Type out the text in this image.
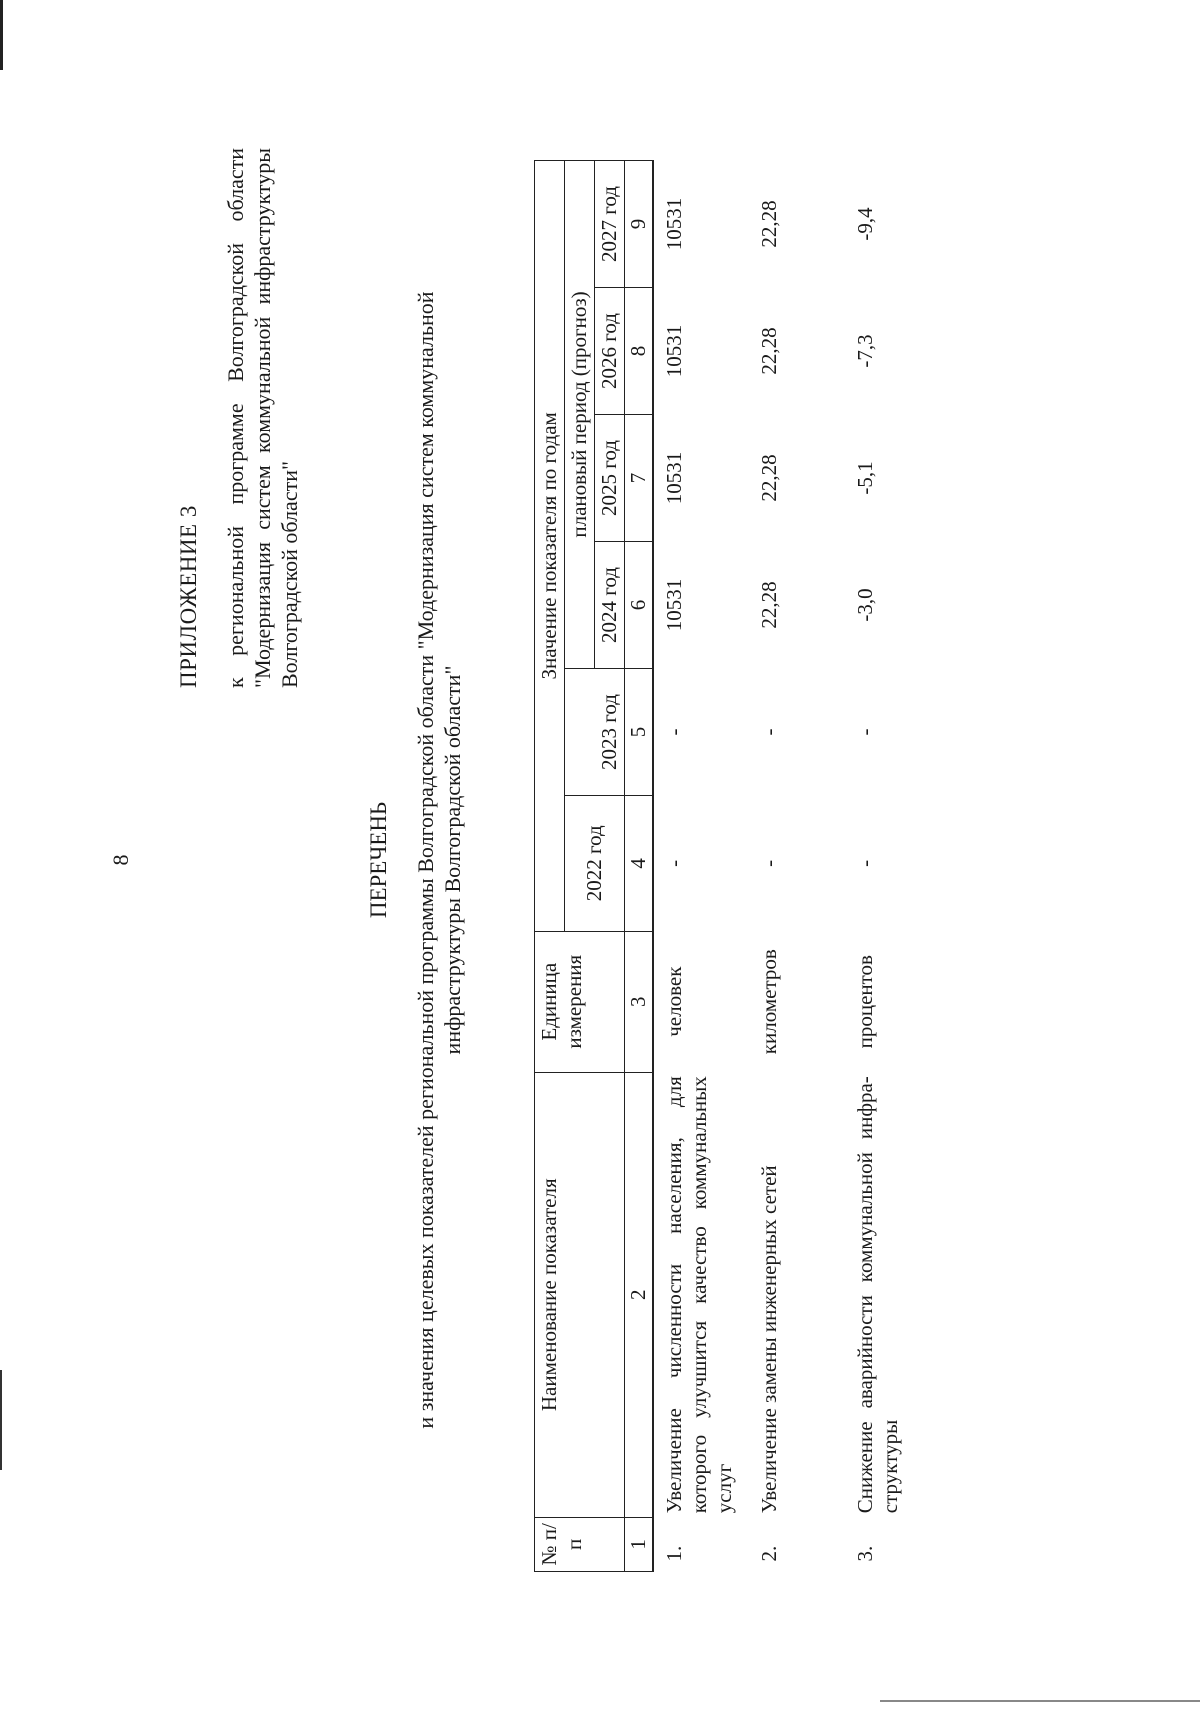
8
ПРИЛОЖЕНИЕ 3 к региональной программе Волгоградской области "Модернизация систем коммунальной инфраструктуры Волгоградской области"
ПЕРЕЧЕНЬ и значения целевых показателей региональной программы Волгоградской области "Модернизация систем коммунальной инфраструктуры Волгоградской области"
№ п/п	Наименование показателя	Единица измерения	Значение показателя по годам					
			2022 год		плановый период (прогноз)			
				2023 год	2024 год	2025 год	2026 год	2027 год
1	2	3	4	5	6	7	8	9
1.	Увеличение численности населения, для которого улучшится качество коммунальных услуг	человек	-	-	10531	10531	10531	10531
2.	Увеличение замены инженерных сетей	километров	-	-	22,28	22,28	22,28	22,28
3.	Снижение аварийности коммунальной инфра-структуры	процентов	-	-	-3,0	-5,1	-7,3	-9,4
